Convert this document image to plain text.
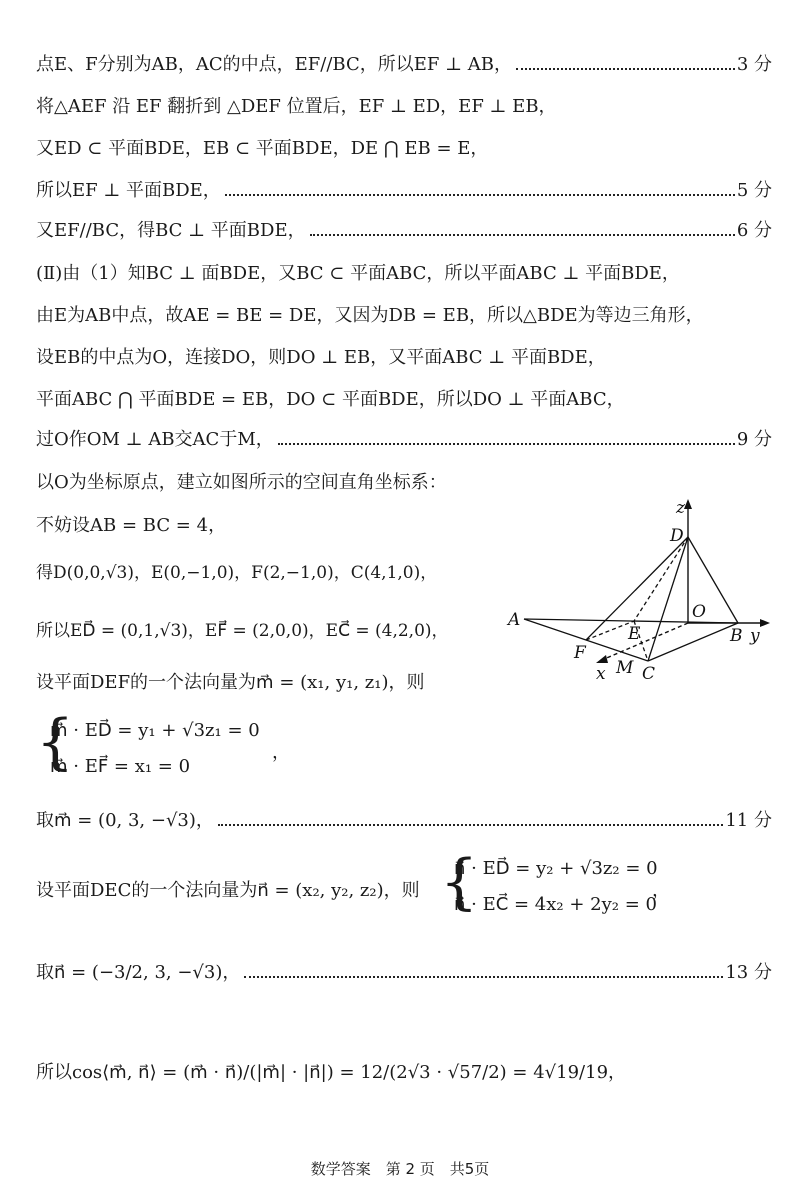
点E、F分别为AB，AC的中点，EF//BC，所以EF ⊥ AB，	3 分
将△AEF 沿 EF 翻折到 △DEF 位置后，EF ⊥ ED，EF ⊥ EB，
又ED ⊂ 平面BDE，EB ⊂ 平面BDE，DE ⋂ EB = E，
所以EF ⊥ 平面BDE，	5 分
又EF//BC，得BC ⊥ 平面BDE，	6 分
(Ⅱ)由（1）知BC ⊥ 面BDE，又BC ⊂ 平面ABC，所以平面ABC ⊥ 平面BDE，
由E为AB中点，故AE = BE = DE，又因为DB = EB，所以△BDE为等边三角形，
设EB的中点为O，连接DO，则DO ⊥ EB，又平面ABC ⊥ 平面BDE，
平面ABC ⋂ 平面BDE = EB，DO ⊂ 平面BDE，所以DO ⊥ 平面ABC，
过O作OM ⊥ AB交AC于M，	9 分
以O为坐标原点，建立如图所示的空间直角坐标系：
不妨设AB = BC = 4，
得D(0,0,√3)，E(0,−1,0)，F(2,−1,0)，C(4,1,0)，
所以ED⃗ = (0,1,√3)，EF⃗ = (2,0,0)，EC⃗ = (4,2,0)，
设平面DEF的一个法向量为m⃗ = (x₁, y₁, z₁)，则
{
m⃗ · ED⃗ = y₁ + √3z₁ = 0
m⃗ · EF⃗ = x₁ = 0
，
取m⃗ = (0, 3, −√3)，	11 分
设平面DEC的一个法向量为n⃗ = (x₂, y₂, z₂)，则 {
n⃗ · ED⃗ = y₂ + √3z₂ = 0
n⃗ · EC⃗ = 4x₂ + 2y₂ = 0
，
取n⃗ = (−3/2, 3, −√3)，	13 分
所以cos⟨m⃗, n⃗⟩ = (m⃗ · n⃗)/(|m⃗| · |n⃗|) = 12/(2√3 · √57/2) = 4√19/19，
z
D
O
A
E	B y
F
x M C
数学答案　第 2 页　共5页
